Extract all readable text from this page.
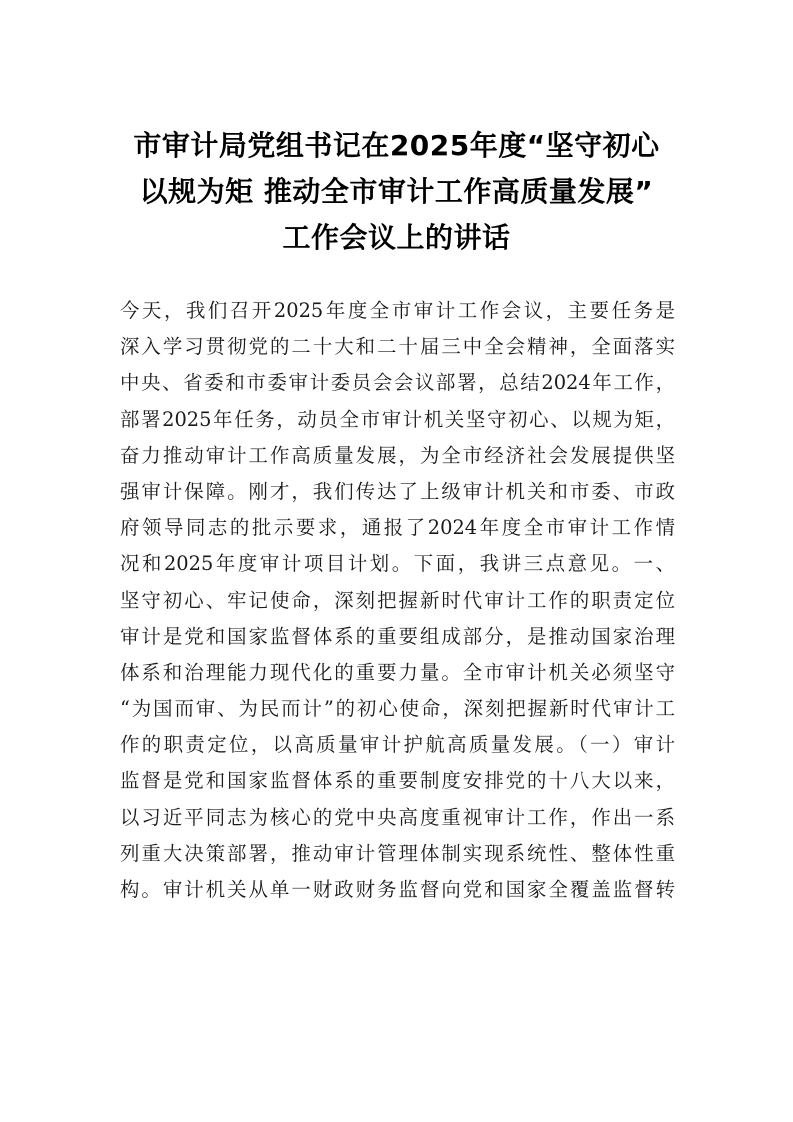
市审计局党组书记在2025年度“坚守初心
以规为矩 推动全市审计工作高质量发展”
工作会议上的讲话
今天，我们召开2025年度全市审计工作会议，主要任务是
深入学习贯彻党的二十大和二十届三中全会精神，全面落实
中央、省委和市委审计委员会会议部署，总结2024年工作，
部署2025年任务，动员全市审计机关坚守初心、以规为矩，
奋力推动审计工作高质量发展，为全市经济社会发展提供坚
强审计保障。刚才，我们传达了上级审计机关和市委、市政
府领导同志的批示要求，通报了2024年度全市审计工作情
况和2025年度审计项目计划。下面，我讲三点意见。一、
坚守初心、牢记使命，深刻把握新时代审计工作的职责定位
审计是党和国家监督体系的重要组成部分，是推动国家治理
体系和治理能力现代化的重要力量。全市审计机关必须坚守
“为国而审、为民而计”的初心使命，深刻把握新时代审计工
作的职责定位，以高质量审计护航高质量发展。（一）审计
监督是党和国家监督体系的重要制度安排党的十八大以来，
以习近平同志为核心的党中央高度重视审计工作，作出一系
列重大决策部署，推动审计管理体制实现系统性、整体性重
构。审计机关从单一财政财务监督向党和国家全覆盖监督转
